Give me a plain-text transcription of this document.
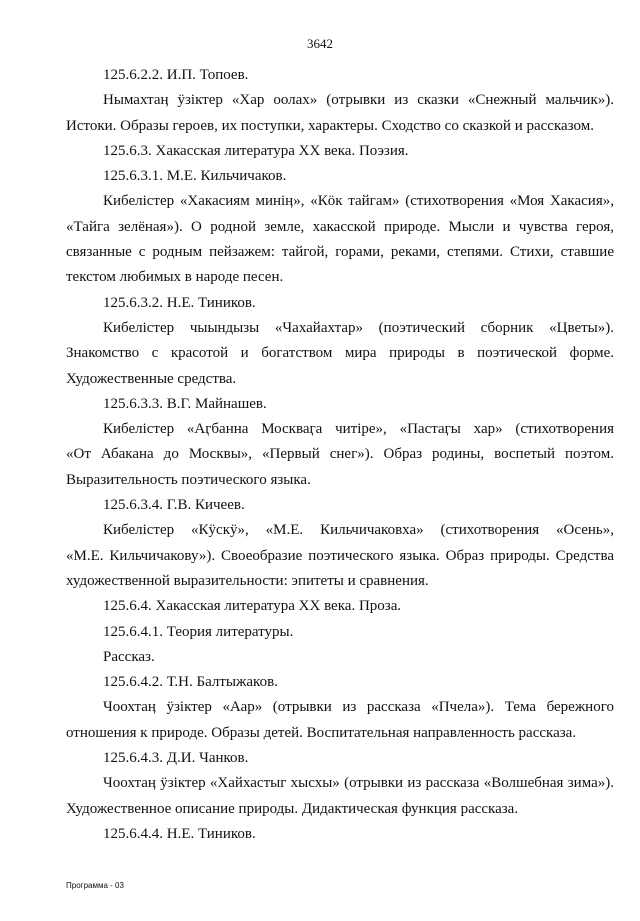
3642
125.6.2.2. И.П. Топоев.
Нымахтаӊ ӱзiктер «Хар оолах» (отрывки из сказки «Снежный мальчик»).
Истоки. Образы героев, их поступки, характеры. Сходство со сказкой и рассказом.
125.6.3. Хакасская литература XX века. Поэзия.
125.6.3.1. М.Е. Кильчичаков.
Кибелiстер «Хакасиям минiӊ», «Кӧк тайгам» (стихотворения «Моя Хакасия»,
«Тайга зелёная»). О родной земле, хакасской природе. Мысли и чувства героя,
связанные с родным пейзажем: тайгой, горами, реками, степями. Стихи, ставшие
текстом любимых в народе песен.
125.6.3.2. Н.Е. Тиников.
Кибелiстер чыындызы «Чахайахтар» (поэтический сборник «Цветы»).
Знакомство с красотой и богатством мира природы в поэтической форме.
Художественные средства.
125.6.3.3. В.Г. Майнашев.
Кибелiстер «Аӷбанна Москваӷа читiре», «Пастаӷы хар» (стихотворения
«От Абакана до Москвы», «Первый снег»). Образ родины, воспетый поэтом.
Выразительность поэтического языка.
125.6.3.4. Г.В. Кичеев.
Кибелiстер «Кӱскӱ», «М.Е. Кильчичаковха» (стихотворения «Осень»,
«М.Е. Кильчичакову»). Своеобразие поэтического языка. Образ природы. Средства
художественной выразительности: эпитеты и сравнения.
125.6.4. Хакасская литература XX века. Проза.
125.6.4.1. Теория литературы.
Рассказ.
125.6.4.2. Т.Н. Балтыжаков.
Чоохтаӊ ӱзiктер «Аар» (отрывки из рассказа «Пчела»). Тема бережного
отношения к природе. Образы детей. Воспитательная направленность рассказа.
125.6.4.3. Д.И. Чанков.
Чоохтаӊ ӱзiктер «Хайхастыг хысхы» (отрывки из рассказа «Волшебная зима»).
Художественное описание природы. Дидактическая функция рассказа.
125.6.4.4. Н.Е. Тиников.
Программа - 03
